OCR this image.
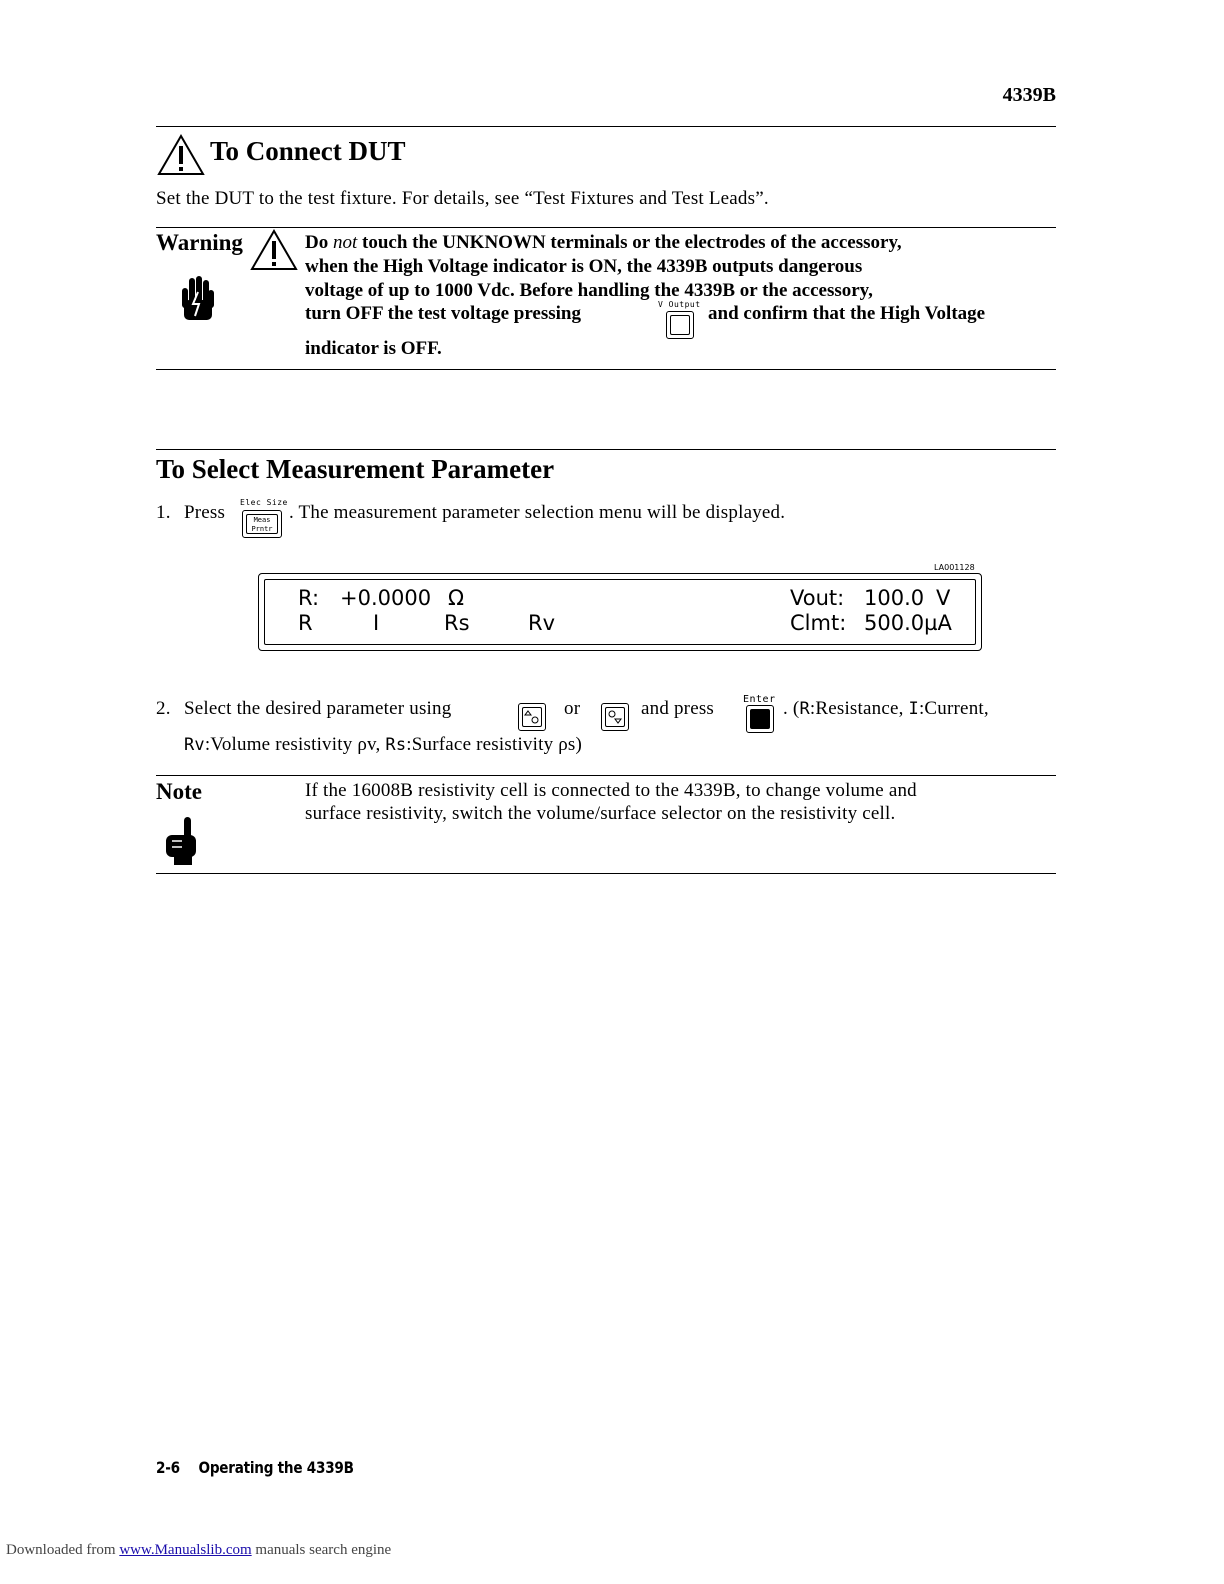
4339B
To Connect DUT
Set the DUT to the test fixture. For details, see “Test Fixtures and Test Leads”.
Warning	Do not touch the UNKNOWN terminals or the electrodes of the accessory,
when the High Voltage indicator is ON, the 4339B outputs dangerous
voltage of up to 1000 Vdc. Before handling the 4339B or the accessory,
turn OFF the test voltage pressing	V Output and confirm that the High Voltage
indicator is OFF.
To Select Measurement Parameter
1. Press Elec Size
Meas
Prntr
. The measurement parameter selection menu will be displayed.
LA001128
R: +0.0000 Ω	Vout: 100.0 V
R	I	Rs	Rv	Clmt: 500.0µA
2. Select the desired parameter using	or	and press	Enter . (R:Resistance, I:Current,
Rv:Volume resistivity ρv, Rs:Surface resistivity ρs)
Note	If the 16008B resistivity cell is connected to the 4339B, to change volume and
surface resistivity, switch the volume/surface selector on the resistivity cell.
2-6 Operating the 4339B
Downloaded from www.Manualslib.com manuals search engine
